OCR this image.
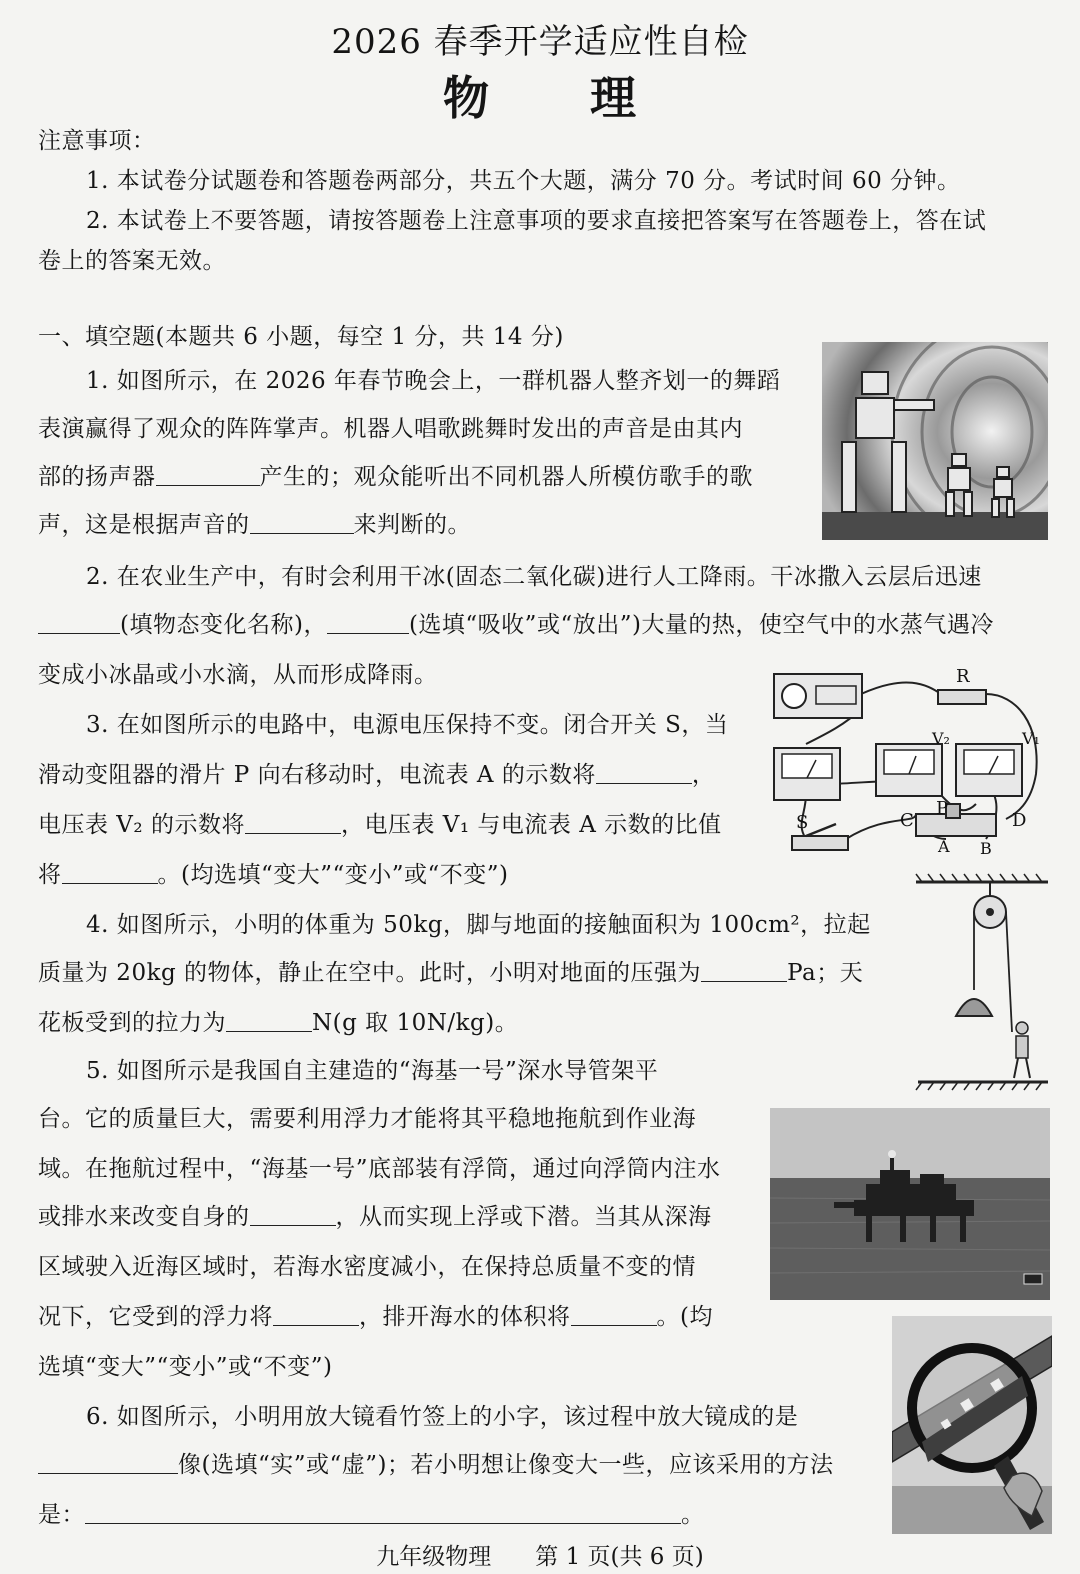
2026 春季开学适应性自检
物 理
注意事项：
1. 本试卷分试题卷和答题卷两部分，共五个大题，满分 70 分。考试时间 60 分钟。
2. 本试卷上不要答题，请按答题卷上注意事项的要求直接把答案写在答题卷上，答在试
卷上的答案无效。
一、填空题(本题共 6 小题，每空 1 分，共 14 分)
1. 如图所示，在 2026 年春节晚会上，一群机器人整齐划一的舞蹈
表演赢得了观众的阵阵掌声。机器人唱歌跳舞时发出的声音是由其内
部的扬声器	产生的；观众能听出不同机器人所模仿歌手的歌
声，这是根据声音的	来判断的。
2. 在农业生产中，有时会利用干冰(固态二氧化碳)进行人工降雨。干冰撒入云层后迅速
(填物态变化名称)，	(选填“吸收”或“放出”)大量的热，使空气中的水蒸气遇冷
变成小冰晶或小水滴，从而形成降雨。
3. 在如图所示的电路中，电源电压保持不变。闭合开关 S，当
滑动变阻器的滑片 P 向右移动时，电流表 A 的示数将	，
电压表 V₂ 的示数将	，电压表 V₁ 与电流表 A 示数的比值
将	。(均选填“变大”“变小”或“不变”)
R
V₂	V₁
C
P
D
A B
S
4. 如图所示，小明的体重为 50kg，脚与地面的接触面积为 100cm²，拉起
质量为 20kg 的物体，静止在空中。此时，小明对地面的压强为	Pa；天
花板受到的拉力为	N(g 取 10N/kg)。
5. 如图所示是我国自主建造的“海基一号”深水导管架平
台。它的质量巨大，需要利用浮力才能将其平稳地拖航到作业海
域。在拖航过程中，“海基一号”底部装有浮筒，通过向浮筒内注水
或排水来改变自身的	，从而实现上浮或下潜。当其从深海
区域驶入近海区域时，若海水密度减小，在保持总质量不变的情
况下，它受到的浮力将	，排开海水的体积将	。(均
选填“变大”“变小”或“不变”)
6. 如图所示，小明用放大镜看竹签上的小字，该过程中放大镜成的是
像(选填“实”或“虚”)；若小明想让像变大一些，应该采用的方法
是：	。
九年级物理 第 1 页(共 6 页)
